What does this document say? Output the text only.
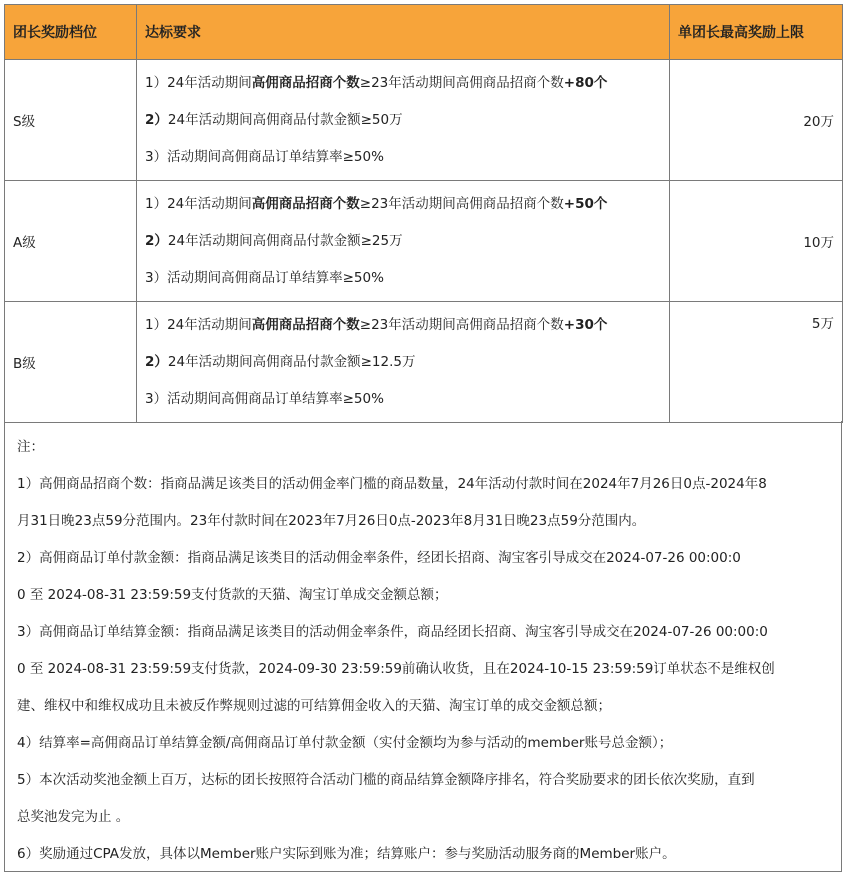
团长奖励档位	达标要求	单团长最高奖励上限
S级	1）24年活动期间高佣商品招商个数≥23年活动期间高佣商品招商个数+80个
2）24年活动期间高佣商品付款金额≥50万
3）活动期间高佣商品订单结算率≥50%	20万
A级	1）24年活动期间高佣商品招商个数≥23年活动期间高佣商品招商个数+50个
2）24年活动期间高佣商品付款金额≥25万
3）活动期间高佣商品订单结算率≥50%	10万
B级	1）24年活动期间高佣商品招商个数≥23年活动期间高佣商品招商个数+30个
2）24年活动期间高佣商品付款金额≥12.5万
3）活动期间高佣商品订单结算率≥50%	5万
注：
1）高佣商品招商个数：指商品满足该类目的活动佣金率门槛的商品数量，24年活动付款时间在2024年7月26日0点-2024年8
月31日晚23点59分范围内。23年付款时间在2023年7月26日0点-2023年8月31日晚23点59分范围内。
2）高佣商品订单付款金额：指商品满足该类目的活动佣金率条件，经团长招商、淘宝客引导成交在2024-07-26 00:00:0
0 至 2024-08-31 23:59:59支付货款的天猫、淘宝订单成交金额总额；
3）高佣商品订单结算金额：指商品满足该类目的活动佣金率条件，商品经团长招商、淘宝客引导成交在2024-07-26 00:00:0
0 至 2024-08-31 23:59:59支付货款，2024-09-30 23:59:59前确认收货，且在2024-10-15 23:59:59订单状态不是维权创
建、维权中和维权成功且未被反作弊规则过滤的可结算佣金收入的天猫、淘宝订单的成交金额总额；
4）结算率=高佣商品订单结算金额/高佣商品订单付款金额（实付金额均为参与活动的member账号总金额）；
5）本次活动奖池金额上百万，达标的团长按照符合活动门槛的商品结算金额降序排名，符合奖励要求的团长依次奖励，直到
总奖池发完为止 。
6）奖励通过CPA发放，具体以Member账户实际到账为准；结算账户：参与奖励活动服务商的Member账户。
